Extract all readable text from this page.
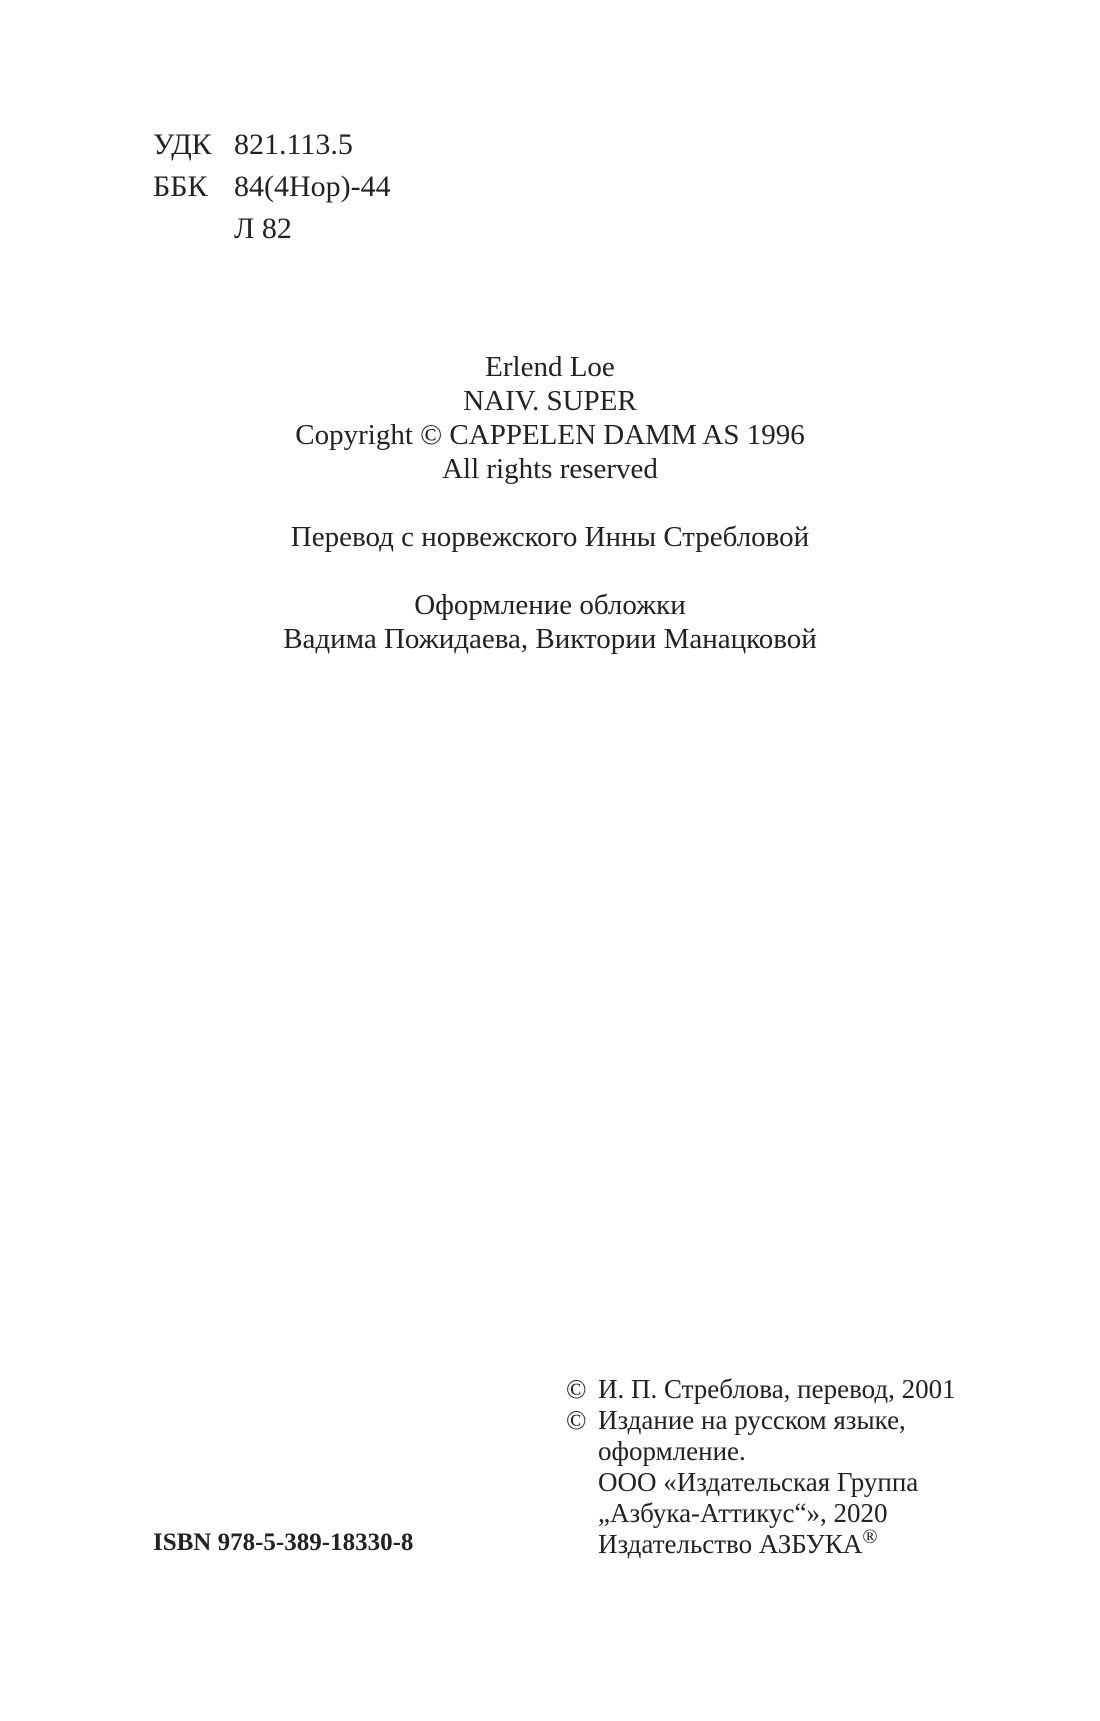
УДК 821.113.5
ББК 84(4Нор)-44
Л 82
Erlend Loe
NAIV. SUPER
Copyright © CAPPELEN DAMM AS 1996
All rights reserved
Перевод с норвежского Инны Стребловой
Оформление обложки
Вадима Пожидаева, Виктории Манацковой
© И. П. Стреблова, перевод, 2001
© Издание на русском языке,
оформление.
ООО «Издательская Группа
„Азбука-Аттикус“», 2020
Издательство АЗБУКА®
ISBN 978-5-389-18330-8
